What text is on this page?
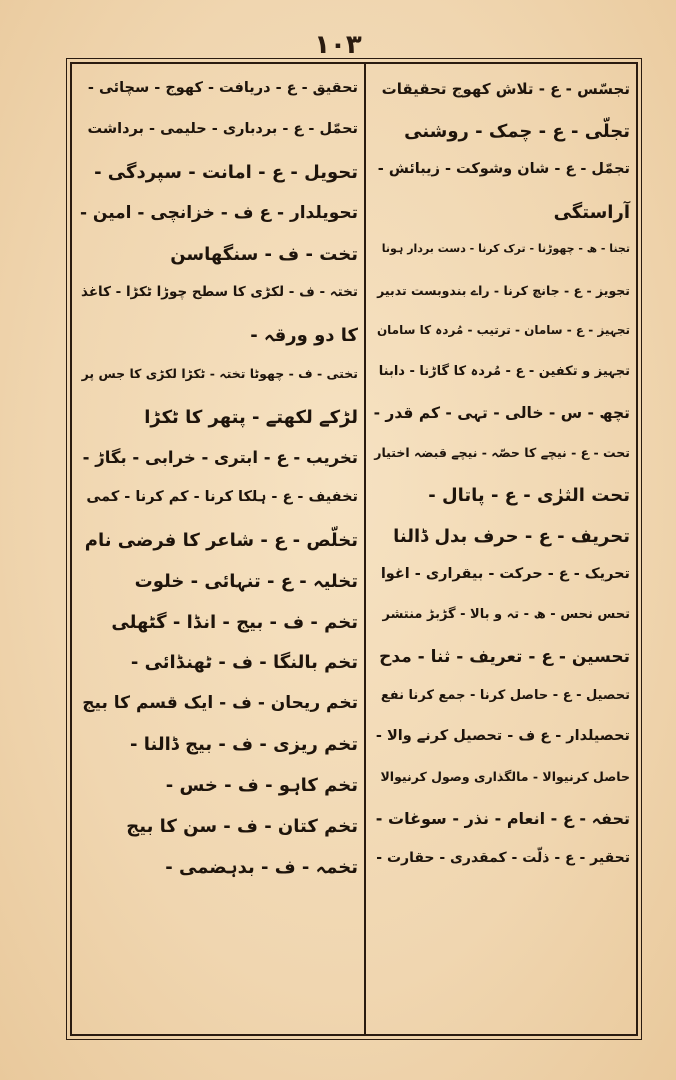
١٠٣
تجسّس - ع - تلاش کھوج تحقیقات
تجلّی - ع - چمک - روشنی
تجمّل - ع - شان وشوکت - زیبائش -
آراستگی
تجنا - ھ - چھوڑنا - ترک کرنا - دست بردار ہونا
تجویز - ع - جانچ کرنا - راے بندوبست تدبیر
تجہیز - ع - سامان - ترتیب - مُردہ کا سامان
تجہیز و تکفین - ع - مُردہ کا گاڑنا - دابنا
تچھ - س - خالی - تہی - کم قدر -
تحت - ع - نیچے کا حصّہ - نیچے قبضہ اختیار
تحت الثرٰی - ع - پاتال -
تحریف - ع - حرف بدل ڈالنا
تحریک - ع - حرکت - بیقراری - اغوا
تحس نحس - ھ - تہ و بالا - گڑبڑ منتشر
تحسین - ع - تعریف - ثنا - مدح
تحصیل - ع - حاصل کرنا - جمع کرنا نفع
تحصیلدار - ع ف - تحصیل کرنے والا -
حاصل کرنیوالا - مالگذاری وصول کرنیوالا
تحفہ - ع - انعام - نذر - سوغات -
تحقیر - ع - ذلّت - کمقدری - حقارت -
تحقیق - ع - دریافت - کھوج - سچائی -
تحمّل - ع - بردباری - حلیمی - برداشت
تحویل - ع - امانت - سپردگی -
تحویلدار - ع ف - خزانچی - امین -
تخت - ف - سنگھاسن
تختہ - ف - لکڑی کا سطح چوڑا ٹکڑا - کاغذ
کا دو ورقہ -
تختی - ف - چھوٹا تختہ - ٹکڑا لکڑی کا جس پر
لڑکے لکھتے - پتھر کا ٹکڑا
تخریب - ع - ابتری - خرابی - بگاڑ -
تخفیف - ع - ہلکا کرنا - کم کرنا - کمی
تخلّص - ع - شاعر کا فرضی نام
تخلیہ - ع - تنہائی - خلوت
تخم - ف - بیج - انڈا - گٹھلی
تخم بالنگا - ف - ٹھنڈائی -
تخم ریحان - ف - ایک قسم کا بیج
تخم ریزی - ف - بیج ڈالنا -
تخم کاہو - ف - خس -
تخم کتان - ف - سن کا بیج
تخمہ - ف - بدہضمی -
